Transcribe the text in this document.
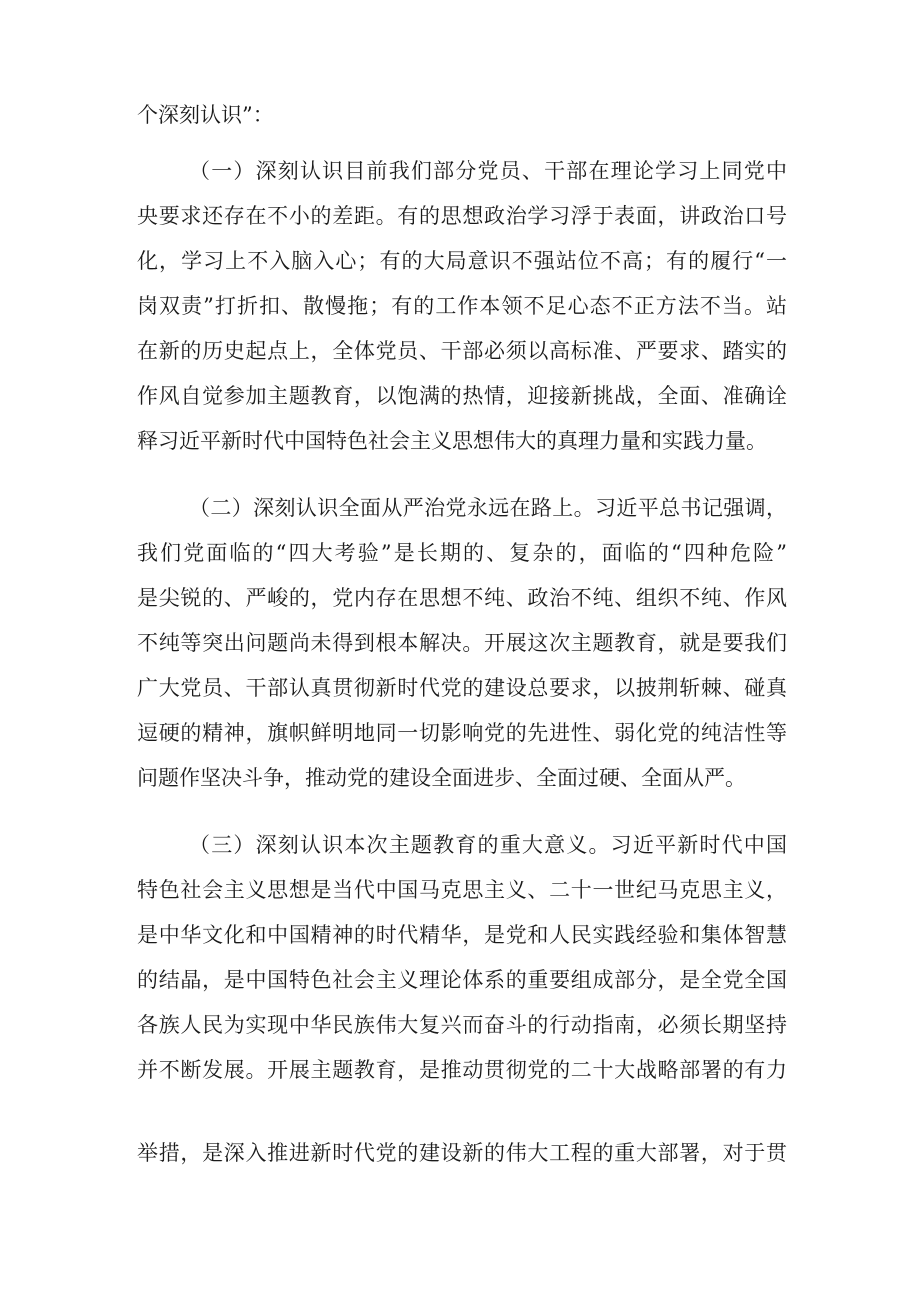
个深刻认识”：
（一）深刻认识目前我们部分党员、干部在理论学习上同党中
央要求还存在不小的差距。有的思想政治学习浮于表面，讲政治口号
化，学习上不入脑入心；有的大局意识不强站位不高；有的履行“一
岗双责”打折扣、散慢拖；有的工作本领不足心态不正方法不当。站
在新的历史起点上，全体党员、干部必须以高标准、严要求、踏实的
作风自觉参加主题教育，以饱满的热情，迎接新挑战，全面、准确诠
释习近平新时代中国特色社会主义思想伟大的真理力量和实践力量。
（二）深刻认识全面从严治党永远在路上。习近平总书记强调，
我们党面临的“四大考验”是长期的、复杂的，面临的“四种危险”
是尖锐的、严峻的，党内存在思想不纯、政治不纯、组织不纯、作风
不纯等突出问题尚未得到根本解决。开展这次主题教育，就是要我们
广大党员、干部认真贯彻新时代党的建设总要求，以披荆斩棘、碰真
逗硬的精神，旗帜鲜明地同一切影响党的先进性、弱化党的纯洁性等
问题作坚决斗争，推动党的建设全面进步、全面过硬、全面从严。
（三）深刻认识本次主题教育的重大意义。习近平新时代中国
特色社会主义思想是当代中国马克思主义、二十一世纪马克思主义，
是中华文化和中国精神的时代精华，是党和人民实践经验和集体智慧
的结晶，是中国特色社会主义理论体系的重要组成部分，是全党全国
各族人民为实现中华民族伟大复兴而奋斗的行动指南，必须长期坚持
并不断发展。开展主题教育，是推动贯彻党的二十大战略部署的有力
举措，是深入推进新时代党的建设新的伟大工程的重大部署，对于贯
